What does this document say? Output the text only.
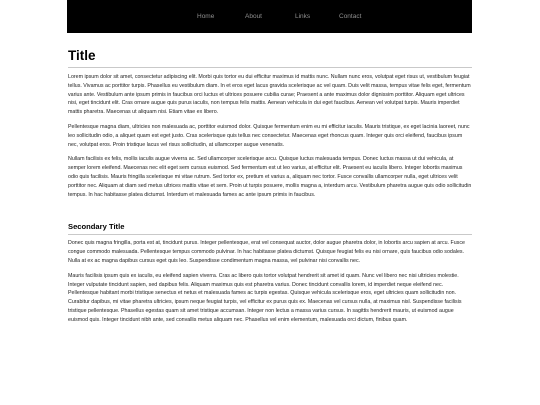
Home	About	Links	Contact
Title

Lorem ipsum dolor sit amet, consectetur adipiscing elit. Morbi quis tortor eu dui efficitur maximus id mattis nunc. Nullam nunc eros, volutpat eget risus ut, vestibulum feugiat tellus. Vivamus ac porttitor turpis. Phasellus eu vestibulum diam. In et eros eget lacus gravida scelerisque ac vel quam. Duis velit massa, tempus vitae felis eget, fermentum varius ante. Vestibulum ante ipsum primis in faucibus orci luctus et ultrices posuere cubilia curae; Praesent a ante maximus dolor dignissim porttitor. Aliquam eget ultrices nisi, eget tincidunt elit. Cras ornare augue quis purus iaculis, non tempus felis mattis. Aenean vehicula in dui eget faucibus. Aenean vel volutpat turpis. Mauris imperdiet mattis pharetra. Maecenas ut aliquam nisi. Etiam vitae ex libero.

Pellentesque magna diam, ultricies non malesuada ac, porttitor euismod dolor. Quisque fermentum enim eu mi efficitur iaculis. Mauris tristique, ex eget lacinia laoreet, nunc leo sollicitudin odio, a aliquet quam est eget justo. Cras scelerisque quis tellus nec consectetur. Maecenas eget rhoncus quam. Integer quis orci eleifend, faucibus ipsum nec, volutpat eros. Proin tristique lacus vel risus sollicitudin, at ullamcorper augue venenatis.

Nullam facilisis ex felis, mollis iaculis augue viverra ac. Sed ullamcorper scelerisque arcu. Quisque luctus malesuada tempus. Donec luctus massa ut dui vehicula, at semper lorem eleifend. Maecenas nec elit eget sem cursus euismod. Sed fermentum est ut leo varius, at efficitur elit. Praesent eu iaculis libero. Integer lobortis maximus odio quis facilisis. Mauris fringilla scelerisque mi vitae rutrum. Sed tortor ex, pretium et varius a, aliquam nec tortor. Fusce convallis ullamcorper nulla, eget ultrices velit porttitor nec. Aliquam at diam sed metus ultrices mattis vitae et sem. Proin ut turpis posuere, mollis magna a, interdum arcu. Vestibulum pharetra augue quis odio sollicitudin tempus. In hac habitasse platea dictumst. Interdum et malesuada fames ac ante ipsum primis in faucibus.

Secondary Title

Donec quis magna fringilla, porta est at, tincidunt purus. Integer pellentesque, erat vel consequat auctor, dolor augue pharetra dolor, in lobortis arcu sapien at arcu. Fusce congue commodo malesuada. Pellentesque tempus commodo pulvinar. In hac habitasse platea dictumst. Quisque feugiat felis eu nisi ornare, quis faucibus odio sodales. Nulla at ex ac magna dapibus cursus eget quis leo. Suspendisse condimentum magna massa, vel pulvinar nisi convallis nec.

Mauris facilisis ipsum quis ex iaculis, eu eleifend sapien viverra. Cras ac libero quis tortor volutpat hendrerit sit amet id quam. Nunc vel libero nec nisi ultricies molestie. Integer vulputate tincidunt sapien, sed dapibus felis. Aliquam maximus quis est pharetra varius. Donec tincidunt convallis lorem, id imperdiet neque eleifend nec. Pellentesque habitant morbi tristique senectus et netus et malesuada fames ac turpis egestas. Quisque vehicula scelerisque eros, eget ultricies quam sollicitudin non. Curabitur dapibus, mi vitae pharetra ultricies, ipsum neque feugiat turpis, vel efficitur ex purus quis ex. Maecenas vel cursus nulla, at maximus nisl. Suspendisse facilisis tristique pellentesque. Phasellus egestas quam sit amet tristique accumsan. Integer non lectus a massa varius cursus. In sagittis hendrerit mauris, ut euismod augue euismod quis. Integer tincidunt nibh ante, sed convallis metus aliquam nec. Phasellus vel enim elementum, malesuada orci dictum, finibus quam.
